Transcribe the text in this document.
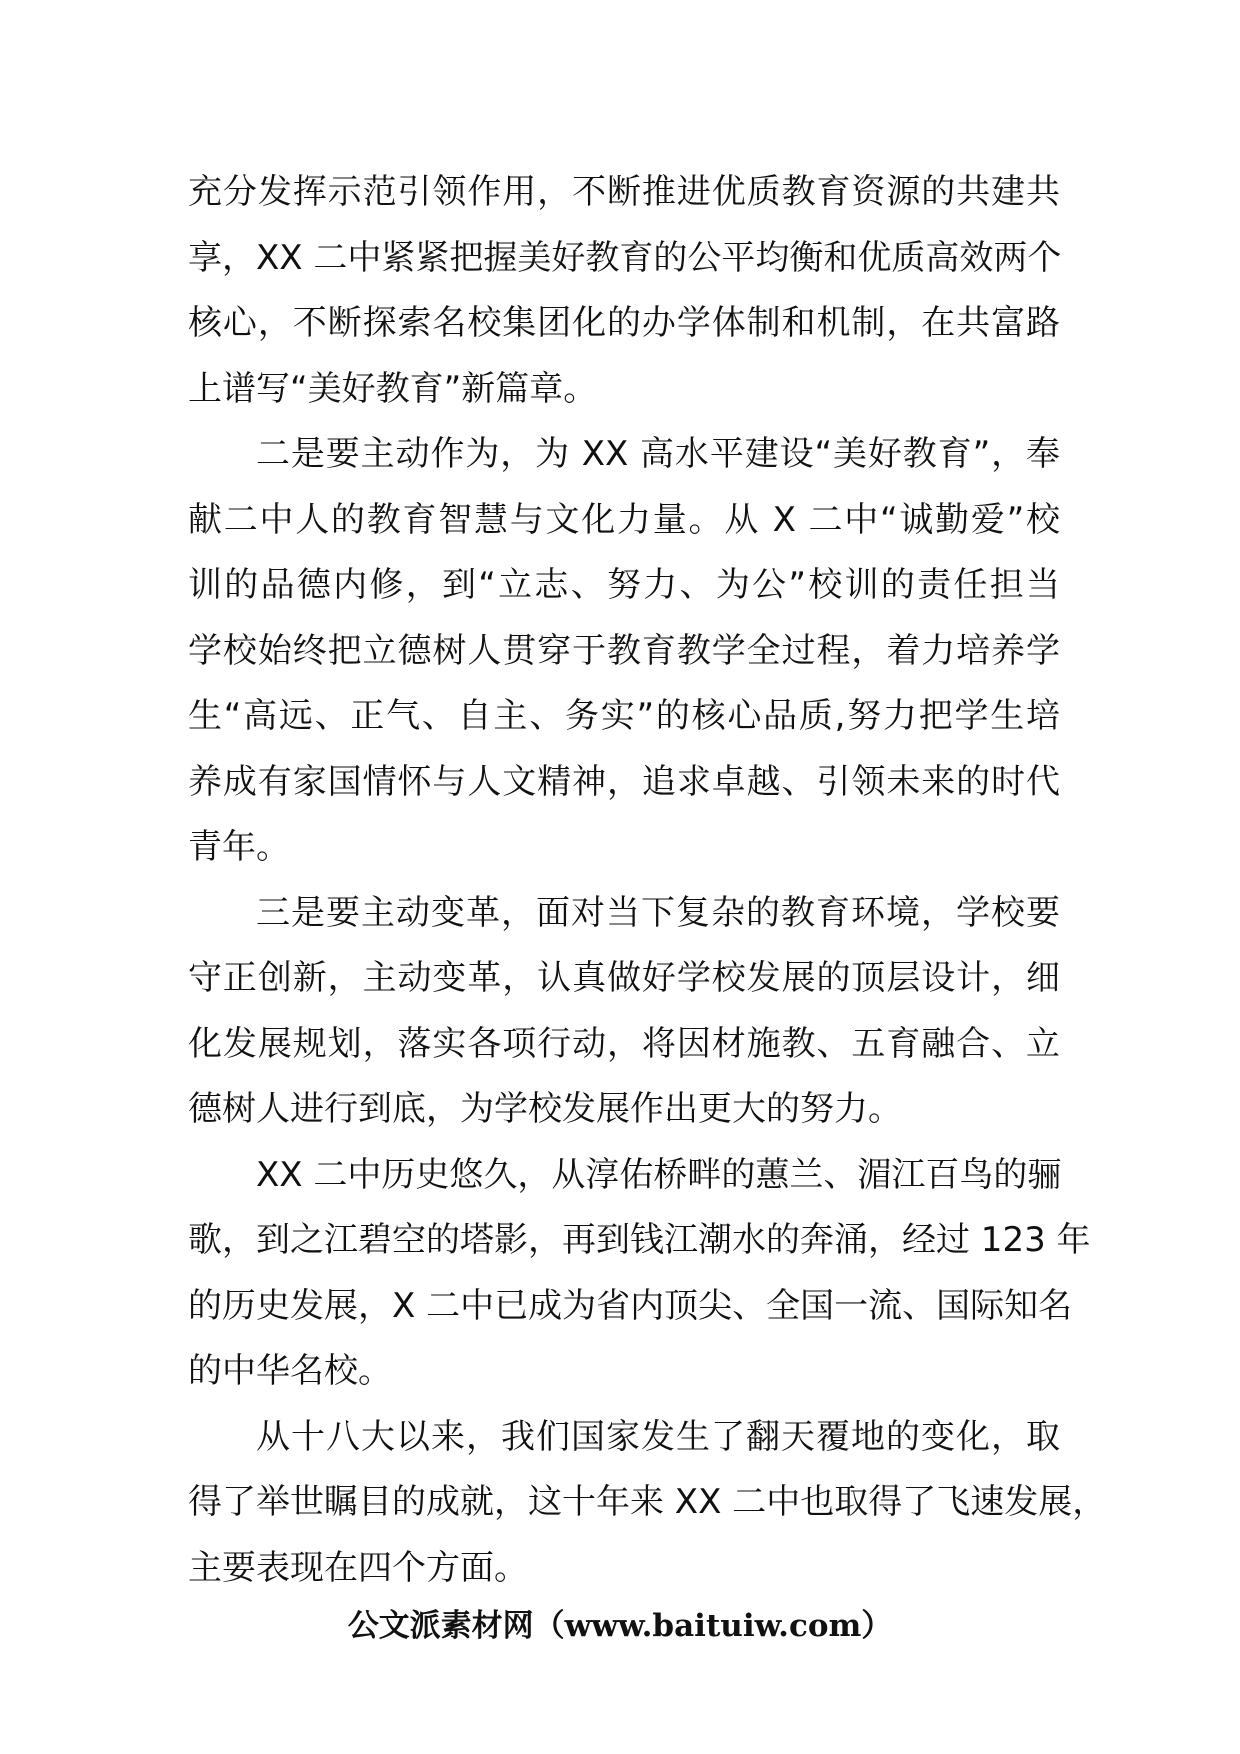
充分发挥示范引领作用，不断推进优质教育资源的共建共
享，XX 二中紧紧把握美好教育的公平均衡和优质高效两个
核心，不断探索名校集团化的办学体制和机制，在共富路
上谱写“美好教育”新篇章。
二是要主动作为，为 XX 高水平建设“美好教育”，奉
献二中人的教育智慧与文化力量。从 X 二中“诚勤爱”校
训的品德内修，到“立志、努力、为公”校训的责任担当
学校始终把立德树人贯穿于教育教学全过程，着力培养学
生“高远、正气、自主、务实”的核心品质,努力把学生培
养成有家国情怀与人文精神，追求卓越、引领未来的时代
青年。
三是要主动变革，面对当下复杂的教育环境，学校要
守正创新，主动变革，认真做好学校发展的顶层设计，细
化发展规划，落实各项行动，将因材施教、五育融合、立
德树人进行到底，为学校发展作出更大的努力。
XX 二中历史悠久，从淳佑桥畔的蕙兰、湄江百鸟的骊
歌，到之江碧空的塔影，再到钱江潮水的奔涌，经过 123 年
的历史发展，X 二中已成为省内顶尖、全国一流、国际知名
的中华名校。
从十八大以来，我们国家发生了翻天覆地的变化，取
得了举世瞩目的成就，这十年来 XX 二中也取得了飞速发展，
主要表现在四个方面。
公文派素材网（www.baituiw.com）
